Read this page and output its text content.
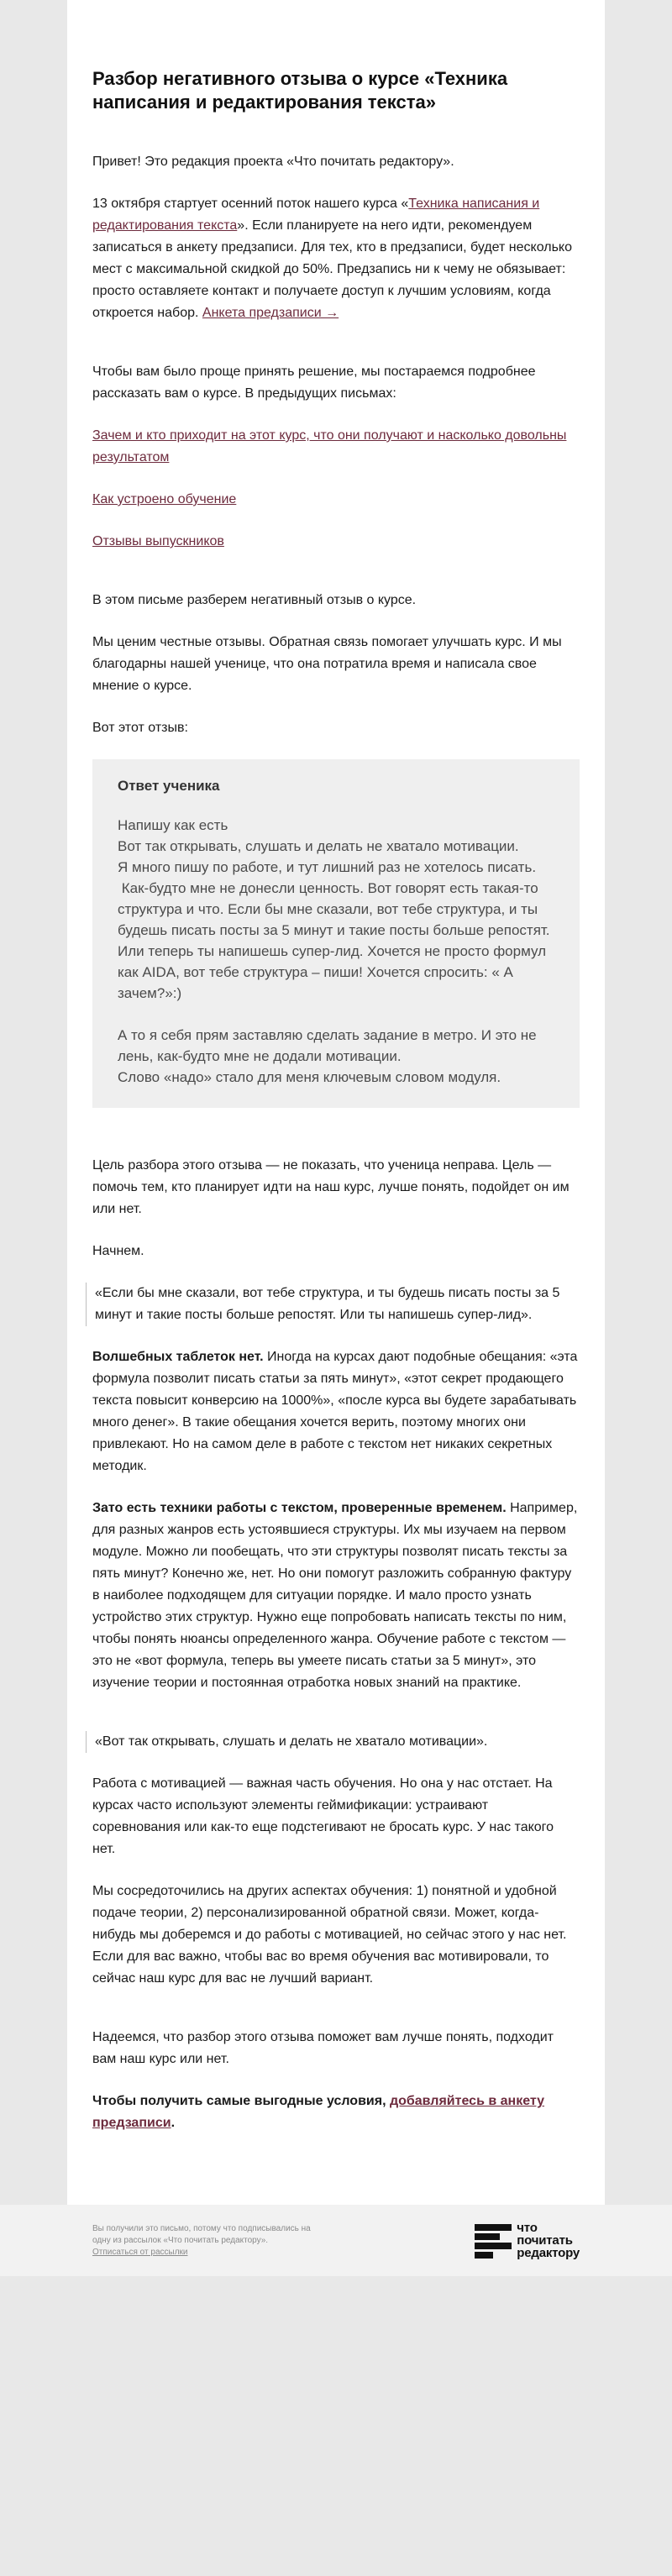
Разбор негативного отзыва о курсе «Техника написания и редактирования текста»

Привет! Это редакция проекта «Что почитать редактору».

13 октября стартует осенний поток нашего курса «Техника написания и редактирования текста». Если планируете на него идти, рекомендуем записаться в анкету предзаписи. Для тех, кто в предзаписи, будет несколько мест с максимальной скидкой до 50%. Предзапись ни к чему не обязывает: просто оставляете контакт и получаете доступ к лучшим условиям, когда откроется набор. Анкета предзаписи →

Чтобы вам было проще принять решение, мы постараемся подробнее рассказать вам о курсе. В предыдущих письмах:

Зачем и кто приходит на этот курс, что они получают и насколько довольны результатом

Как устроено обучение

Отзывы выпускников

В этом письме разберем негативный отзыв о курсе.

Мы ценим честные отзывы. Обратная связь помогает улучшать курс. И мы благодарны нашей ученице, что она потратила время и написала свое мнение о курсе.

Вот этот отзыв:

Ответ ученика
Напишу как есть
Вот так открывать, слушать и делать не хватало мотивации.
Я много пишу по работе, и тут лишний раз не хотелось писать.
Как-будто мне не донесли ценность. Вот говорят есть такая-то структура и что. Если бы мне сказали, вот тебе структура, и ты будешь писать посты за 5 минут и такие посты больше репостят. Или теперь ты напишешь супер-лид. Хочется не просто формул как AIDA, вот тебе структура – пиши! Хочется спросить: « А зачем?»:)
А то я себя прям заставляю сделать задание в метро. И это не лень, как-будто мне не додали мотивации.
Слово «надо» стало для меня ключевым словом модуля.

Цель разбора этого отзыва — не показать, что ученица неправа. Цель — помочь тем, кто планирует идти на наш курс, лучше понять, подойдет он им или нет.

Начнем.

«Если бы мне сказали, вот тебе структура, и ты будешь писать посты за 5 минут и такие посты больше репостят. Или ты напишешь супер-лид».

Волшебных таблеток нет. Иногда на курсах дают подобные обещания: «эта формула позволит писать статьи за пять минут», «этот секрет продающего текста повысит конверсию на 1000%», «после курса вы будете зарабатывать много денег». В такие обещания хочется верить, поэтому многих они привлекают. Но на самом деле в работе с текстом нет никаких секретных методик.

Зато есть техники работы с текстом, проверенные временем. Например, для разных жанров есть устоявшиеся структуры. Их мы изучаем на первом модуле. Можно ли пообещать, что эти структуры позволят писать тексты за пять минут? Конечно же, нет. Но они помогут разложить собранную фактуру в наиболее подходящем для ситуации порядке. И мало просто узнать устройство этих структур. Нужно еще попробовать написать тексты по ним, чтобы понять нюансы определенного жанра. Обучение работе с текстом — это не «вот формула, теперь вы умеете писать статьи за 5 минут», это изучение теории и постоянная отработка новых знаний на практике.

«Вот так открывать, слушать и делать не хватало мотивации».

Работа с мотивацией — важная часть обучения. Но она у нас отстает. На курсах часто используют элементы геймификации: устраивают соревнования или как-то еще подстегивают не бросать курс. У нас такого нет.

Мы сосредоточились на других аспектах обучения: 1) понятной и удобной подаче теории, 2) персонализированной обратной связи. Может, когда-нибудь мы доберемся и до работы с мотивацией, но сейчас этого у нас нет. Если для вас важно, чтобы вас во время обучения вас мотивировали, то сейчас наш курс для вас не лучший вариант.

Надеемся, что разбор этого отзыва поможет вам лучше понять, подходит вам наш курс или нет.

Чтобы получить самые выгодные условия, добавляйтесь в анкету предзаписи.

Вы получили это письмо, потому что подписывались на одну из рассылок «Что почитать редактору».
Отписаться от рассылки
что
почитать
редактору
